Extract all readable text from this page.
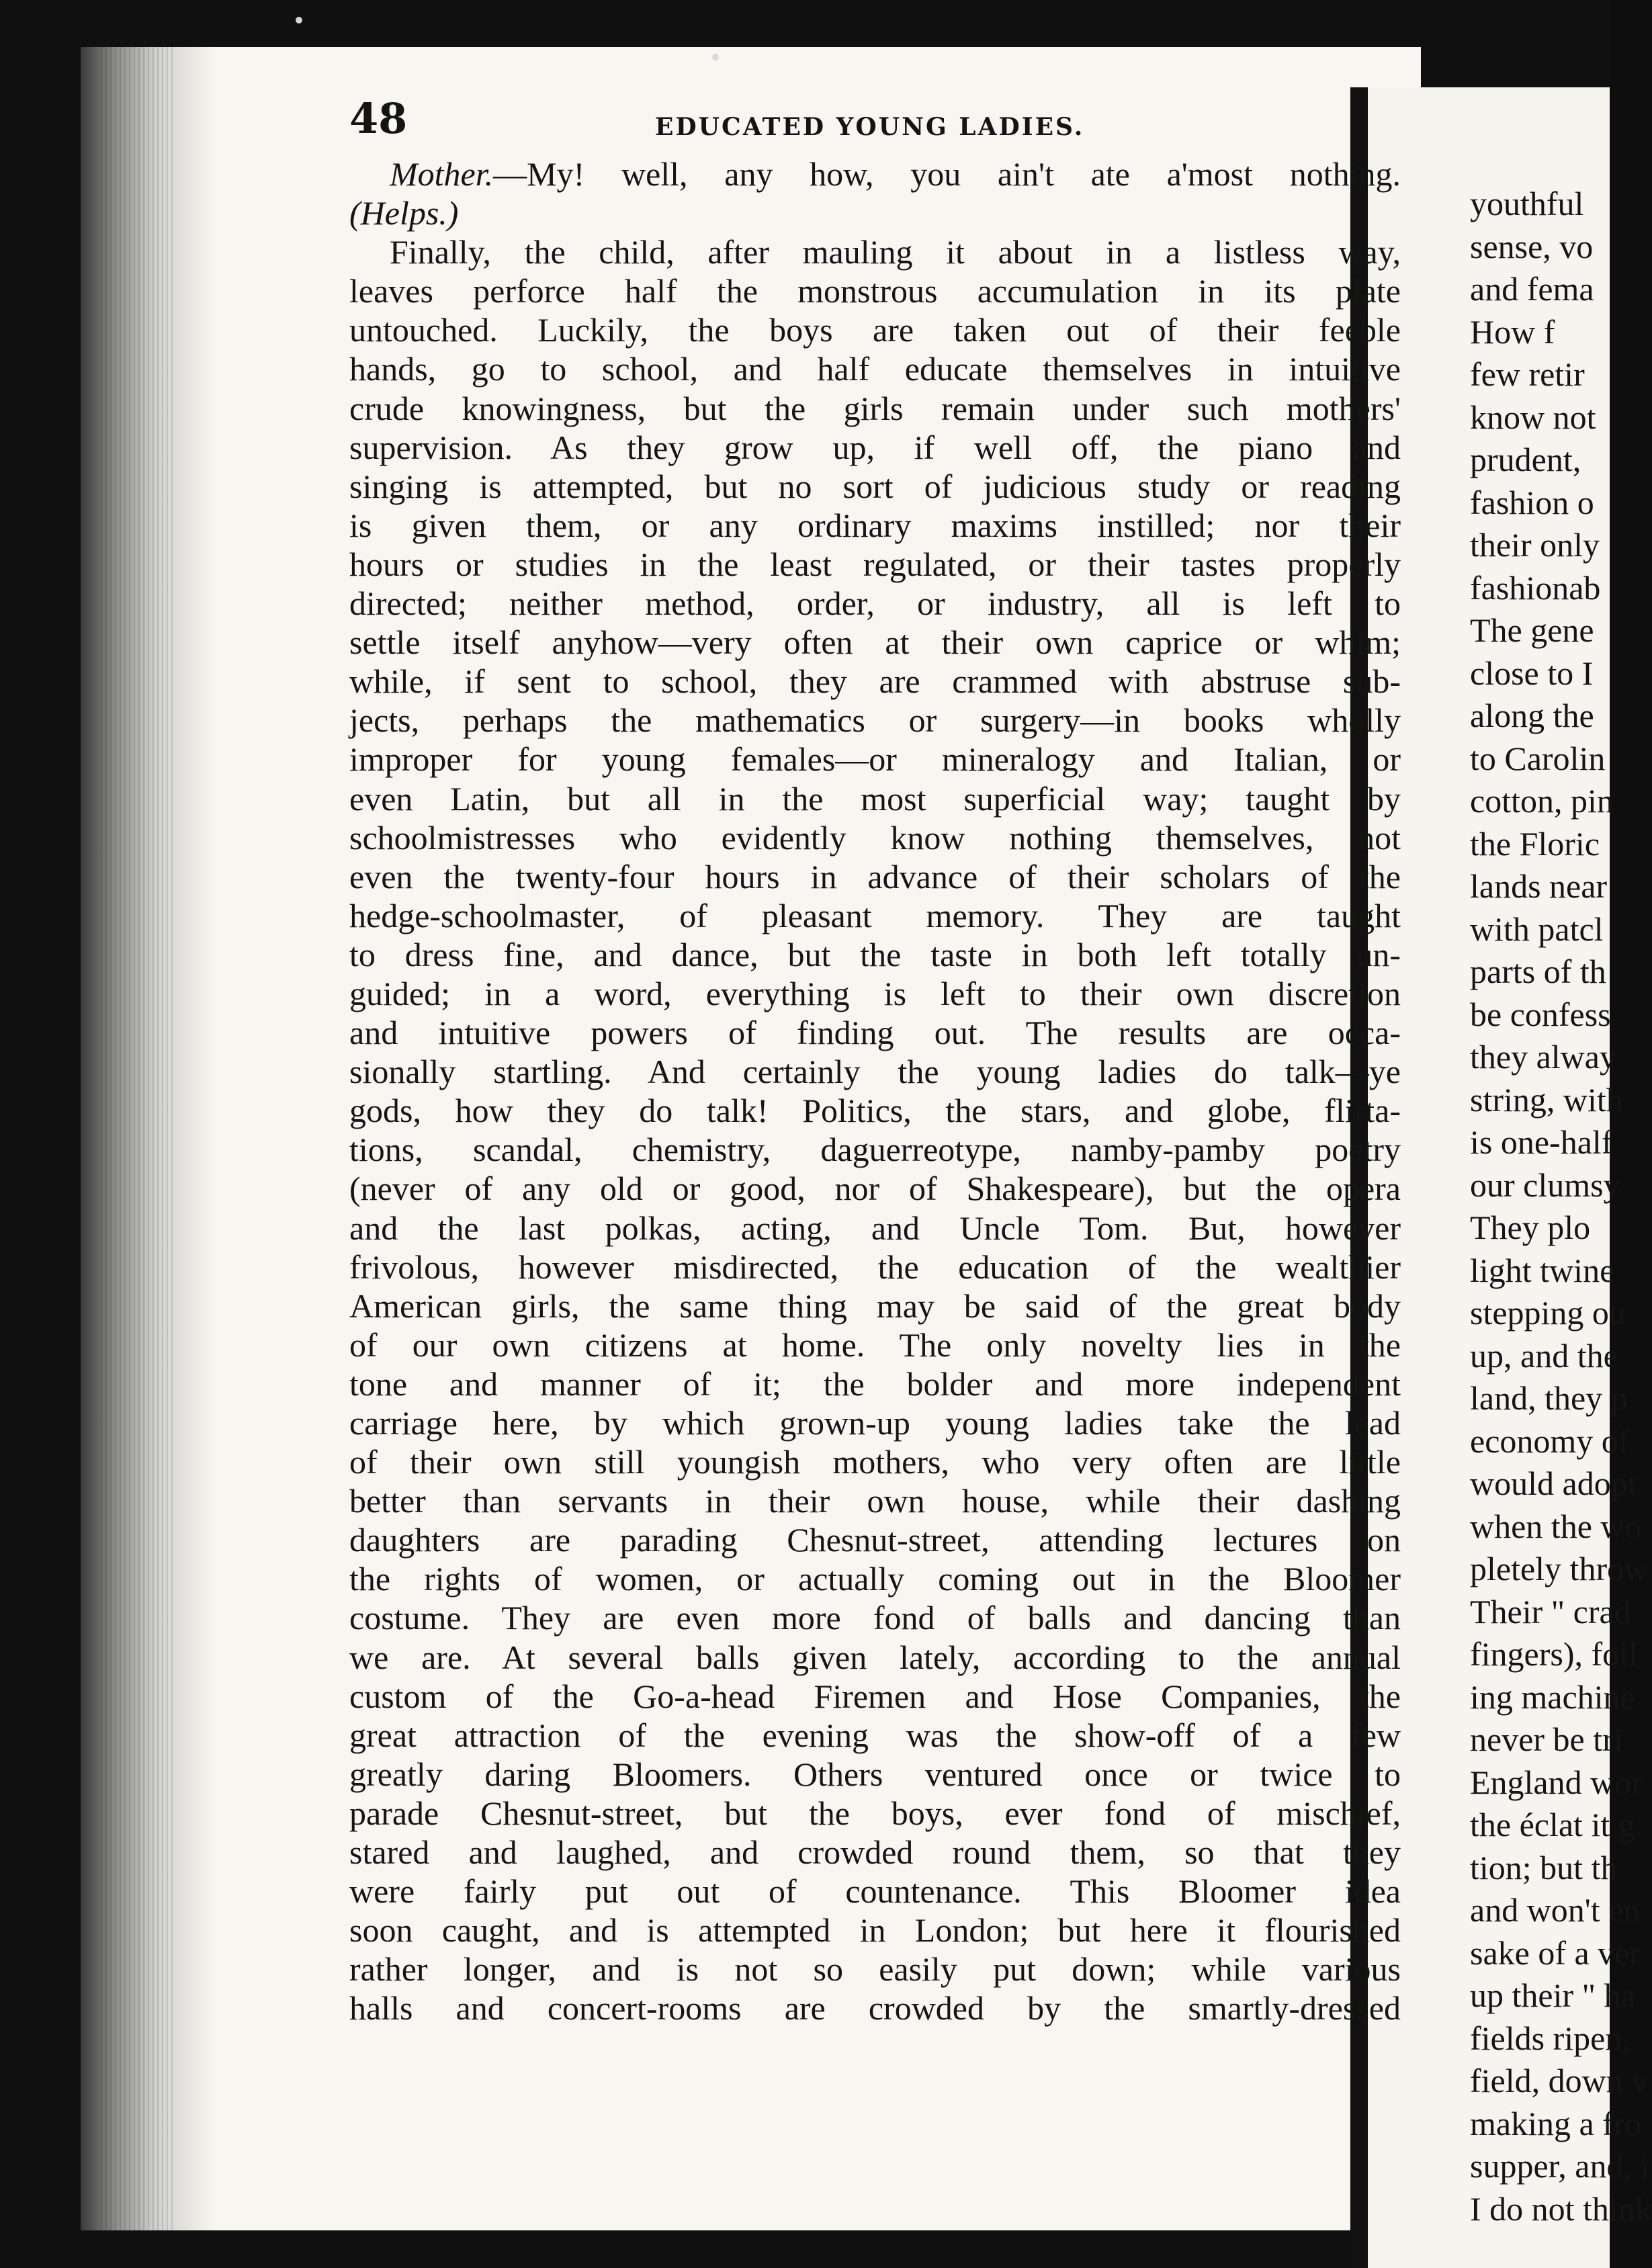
48	EDUCATED YOUNG LADIES.
Mother.—My! well, any how, you ain't ate a'most nothing.
(Helps.)
Finally, the child, after mauling it about in a listless way,
leaves perforce half the monstrous accumulation in its plate
untouched. Luckily, the boys are taken out of their feeble
hands, go to school, and half educate themselves in intuitive
crude knowingness, but the girls remain under such mothers'
supervision. As they grow up, if well off, the piano and
singing is attempted, but no sort of judicious study or reading
is given them, or any ordinary maxims instilled; nor their
hours or studies in the least regulated, or their tastes properly
directed; neither method, order, or industry, all is left to
settle itself anyhow—very often at their own caprice or whim;
while, if sent to school, they are crammed with abstruse sub-
jects, perhaps the mathematics or surgery—in books wholly
improper for young females—or mineralogy and Italian, or
even Latin, but all in the most superficial way; taught by
schoolmistresses who evidently know nothing themselves, not
even the twenty-four hours in advance of their scholars of the
hedge-schoolmaster, of pleasant memory. They are taught
to dress fine, and dance, but the taste in both left totally un-
guided; in a word, everything is left to their own discretion
and intuitive powers of finding out. The results are occa-
sionally startling. And certainly the young ladies do talk—ye
gods, how they do talk! Politics, the stars, and globe, flirta-
tions, scandal, chemistry, daguerreotype, namby-pamby poetry
(never of any old or good, nor of Shakespeare), but the opera
and the last polkas, acting, and Uncle Tom. But, however
frivolous, however misdirected, the education of the wealthier
American girls, the same thing may be said of the great body
of our own citizens at home. The only novelty lies in the
tone and manner of it; the bolder and more independent
carriage here, by which grown-up young ladies take the lead
of their own still youngish mothers, who very often are little
better than servants in their own house, while their dashing
daughters are parading Chesnut-street, attending lectures on
the rights of women, or actually coming out in the Bloomer
costume. They are even more fond of balls and dancing than
we are. At several balls given lately, according to the annual
custom of the Go-a-head Firemen and Hose Companies, the
great attraction of the evening was the show-off of a few
greatly daring Bloomers. Others ventured once or twice to
parade Chesnut-street, but the boys, ever fond of mischief,
stared and laughed, and crowded round them, so that they
were fairly put out of countenance. This Bloomer idea
soon caught, and is attempted in London; but here it flourished
rather longer, and is not so easily put down; while various
halls and concert-rooms are crowded by the smartly-dressed
youthful
sense, vo
and fema
How f
few retir
know not
prudent,
fashion o
their only
fashionab
The gene
close to I
along the
to Carolin
cotton, pin
the Floric
lands near
with patcl
parts of th
be confess
they alway
string, with
is one-half
our clumsy
They plo
light twine
stepping ou
up, and the
land, they p
economy of
would adopt
when the wo
pletely throw
Their " crad
fingers), foll
ing machine
never be tri
England wor
the éclat it g
tion; but th
and won't en
sake of a ver
up their " ha
fields ripen,
field, down v
making a fro
supper, and, i
I do not think
